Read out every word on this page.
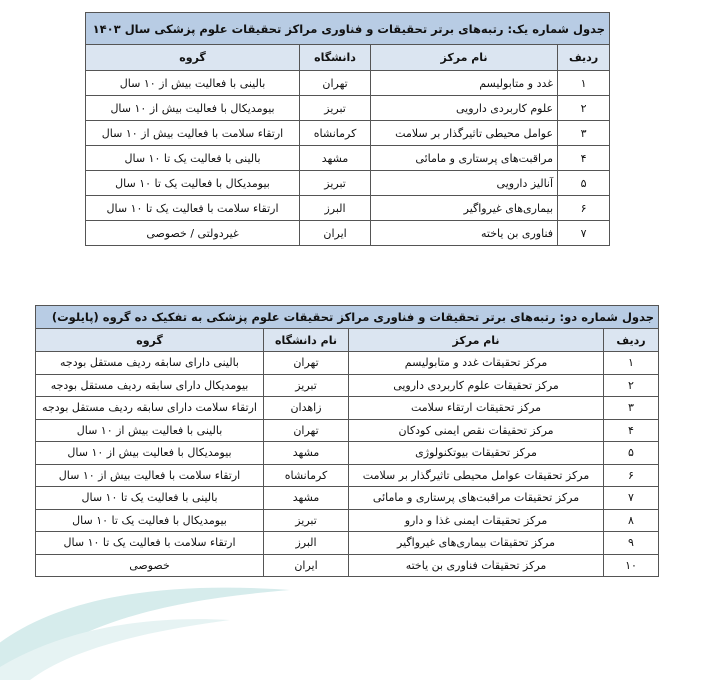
جدول شماره یک: رتبه‌های برتر تحقیقات و فناوری مراکز تحقیقات علوم پزشکی سال ۱۴۰۳			
ردیف	نام مرکز	دانشگاه	گروه
۱	غدد و متابولیسم	تهران	بالینی با فعالیت بیش از ۱۰ سال
۲	علوم کاربردی دارویی	تبریز	بیومدیکال با فعالیت بیش از ۱۰ سال
۳	عوامل محیطی تاثیرگذار بر سلامت	کرمانشاه	ارتقاء سلامت با فعالیت بیش از ۱۰ سال
۴	مراقبت‌های پرستاری و مامائی	مشهد	بالینی با فعالیت یک تا ۱۰ سال
۵	آنالیز دارویی	تبریز	بیومدیکال با فعالیت یک تا ۱۰ سال
۶	بیماری‌های غیرواگیر	البرز	ارتقاء سلامت با فعالیت یک تا ۱۰ سال
۷	فناوری بن یاخته	ایران	غیردولتی / خصوصی
جدول شماره دو: رتبه‌های برتر تحقیقات و فناوری مراکز تحقیقات علوم پزشکی به تفکیک ده گروه (پایلوت)			
ردیف	نام مرکز	نام دانشگاه	گروه
۱	مرکز تحقیقات غدد و متابولیسم	تهران	بالینی دارای سابقه ردیف مستقل بودجه
۲	مرکز تحقیقات علوم کاربردی دارویی	تبریز	بیومدیکال دارای سابقه ردیف مستقل بودجه
۳	مرکز تحقیقات ارتقاء سلامت	زاهدان	ارتقاء سلامت دارای سابقه ردیف مستقل بودجه
۴	مرکز تحقیقات نقص ایمنی کودکان	تهران	بالینی با فعالیت بیش از ۱۰ سال
۵	مرکز تحقیقات بیوتکنولوژی	مشهد	بیومدیکال با فعالیت بیش از ۱۰ سال
۶	مرکز تحقیقات عوامل محیطی تاثیرگذار بر سلامت	کرمانشاه	ارتقاء سلامت با فعالیت بیش از ۱۰ سال
۷	مرکز تحقیقات مراقبت‌های پرستاری و مامائی	مشهد	بالینی با فعالیت یک تا ۱۰ سال
۸	مرکز تحقیقات ایمنی غذا و دارو	تبریز	بیومدیکال با فعالیت یک تا ۱۰ سال
۹	مرکز تحقیقات بیماری‌های غیرواگیر	البرز	ارتقاء سلامت با فعالیت یک تا ۱۰ سال
۱۰	مرکز تحقیقات فناوری بن یاخته	ایران	خصوصی
